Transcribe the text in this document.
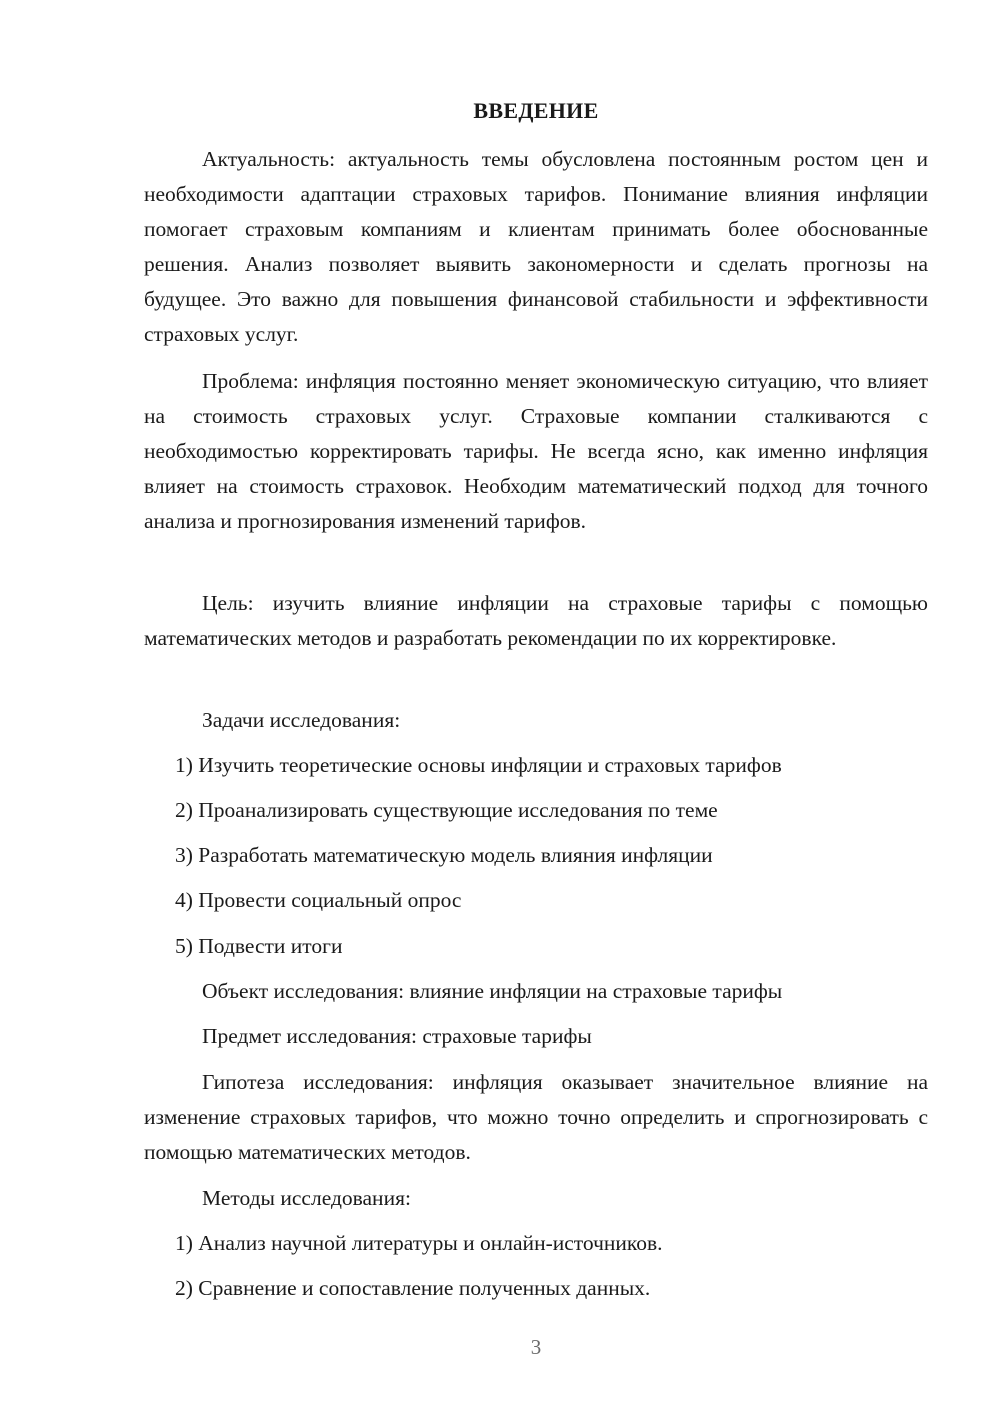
ВВЕДЕНИЕ

Актуальность: актуальность темы обусловлена постоянным ростом цен и необходимости адаптации страховых тарифов. Понимание влияния инфляции помогает страховым компаниям и клиентам принимать более обоснованные решения. Анализ позволяет выявить закономерности и сделать прогнозы на будущее. Это важно для повышения финансовой стабильности и эффективности страховых услуг.

Проблема: инфляция постоянно меняет экономическую ситуацию, что влияет на стоимость страховых услуг. Страховые компании сталкиваются с необходимостью корректировать тарифы. Не всегда ясно, как именно инфляция влияет на стоимость страховок. Необходим математический подход для точного анализа и прогнозирования изменений тарифов.

Цель: изучить влияние инфляции на страховые тарифы с помощью математических методов и разработать рекомендации по их корректировке.

Задачи исследования:
1) Изучить теоретические основы инфляции и страховых тарифов
2) Проанализировать существующие исследования по теме
3) Разработать математическую модель влияния инфляции
4) Провести социальный опрос
5) Подвести итоги
Объект исследования: влияние инфляции на страховые тарифы
Предмет исследования: страховые тарифы

Гипотеза исследования: инфляция оказывает значительное влияние на изменение страховых тарифов, что можно точно определить и спрогнозировать с помощью математических методов.

Методы исследования:
1) Анализ научной литературы и онлайн-источников.
2) Сравнение и сопоставление полученных данных.
3
